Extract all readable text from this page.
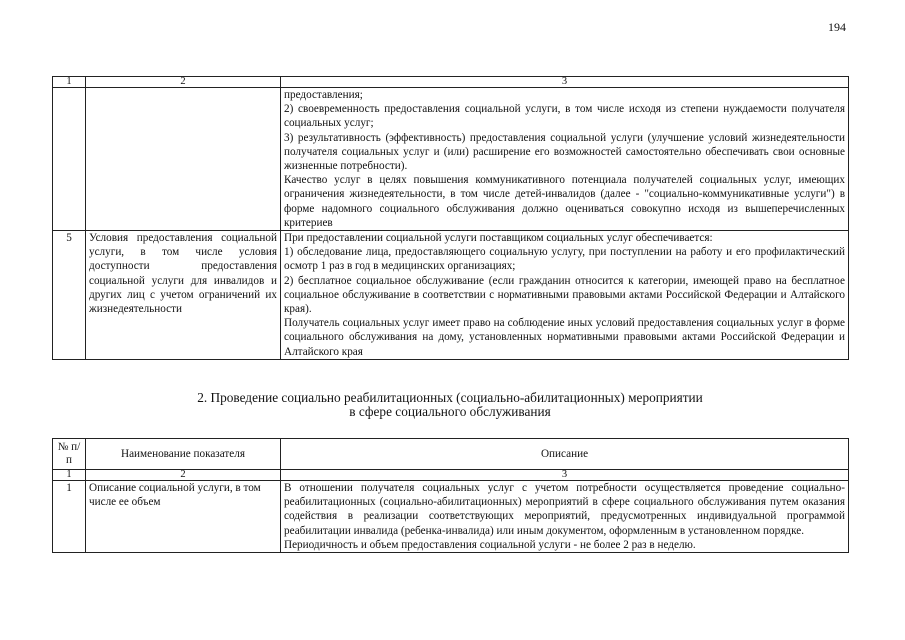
194
1	2	3

		предоставления;

2) своевременность предоставления социальной услуги, в том числе исходя из степени нуждаемости получателя социальных услуг;

3) результативность (эффективность) предоставления социальной услуги (улучшение условий жизнедеятельности получателя социальных услуг и (или) расширение его возможностей самостоятельно обеспечивать свои основные жизненные потребности).

Качество услуг в целях повышения коммуникативного потенциала получателей социальных услуг, имеющих ограничения жизнедеятельности, в том числе детей-инвалидов (далее - "социально-коммуникативные услуги") в форме надомного социального обслуживания должно оцениваться совокупно исходя из вышеперечисленных критериев

5	Условия предоставления социальной услуги, в том числе условия доступности предоставления социальной услуги для инвалидов и других лиц с учетом ограничений их жизнедеятельности	При предоставлении социальной услуги поставщиком социальных услуг обеспечивается:

1) обследование лица, предоставляющего социальную услугу, при поступлении на работу и его профилактический осмотр 1 раз в год в медицинских организациях;

2) бесплатное социальное обслуживание (если гражданин относится к категории, имеющей право на бесплатное социальное обслуживание в соответствии с нормативными правовыми актами Российской Федерации и Алтайского края).

Получатель социальных услуг имеет право на соблюдение иных условий предоставления социальных услуг в форме социального обслуживания на дому, установленных нормативными правовыми актами Российской Федерации и Алтайского края

2. Проведение социально реабилитационных (социально-абилитационных) мероприятии
в сфере социального обслуживания
№ п/п	Наименование показателя	Описание
1	2	3
1	Описание социальной услуги, в том числе ее объем	В отношении получателя социальных услуг с учетом потребности осуществляется проведение социально-реабилитационных (социально-абилитационных) мероприятий в сфере социального обслуживания путем оказания содействия в реализации соответствующих мероприятий, предусмотренных индивидуальной программой реабилитации инвалида (ребенка-инвалида) или иным документом, оформленным в установленном порядке.

Периодичность и объем предоставления социальной услуги - не более 2 раз в неделю.
